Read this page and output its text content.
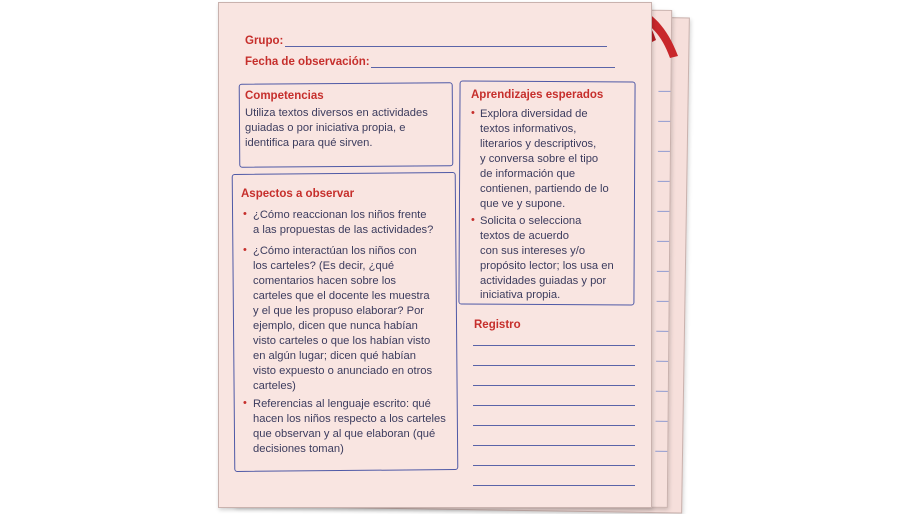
Grupo:
Fecha de observación:
Competencias
Utiliza textos diversos en actividades
guiadas o por iniciativa propia, e
identifica para qué sirven.
Aprendizajes esperados
• Explora diversidad de
textos informativos,
literarios y descriptivos,
y conversa sobre el tipo
de información que
contienen, partiendo de lo
que ve y supone.
• Solicita o selecciona
textos de acuerdo
con sus intereses y/o
propósito lector; los usa en
actividades guiadas y por
iniciativa propia.
Aspectos a observar
• ¿Cómo reaccionan los niños frente
a las propuestas de las actividades?
• ¿Cómo interactúan los niños con
los carteles? (Es decir, ¿qué
comentarios hacen sobre los
carteles que el docente les muestra
y el que les propuso elaborar? Por
ejemplo, dicen que nunca habían
visto carteles o que los habían visto
en algún lugar; dicen qué habían
visto expuesto o anunciado en otros
carteles)
• Referencias al lenguaje escrito: qué
hacen los niños respecto a los carteles
que observan y al que elaboran (qué
decisiones toman)
Registro
